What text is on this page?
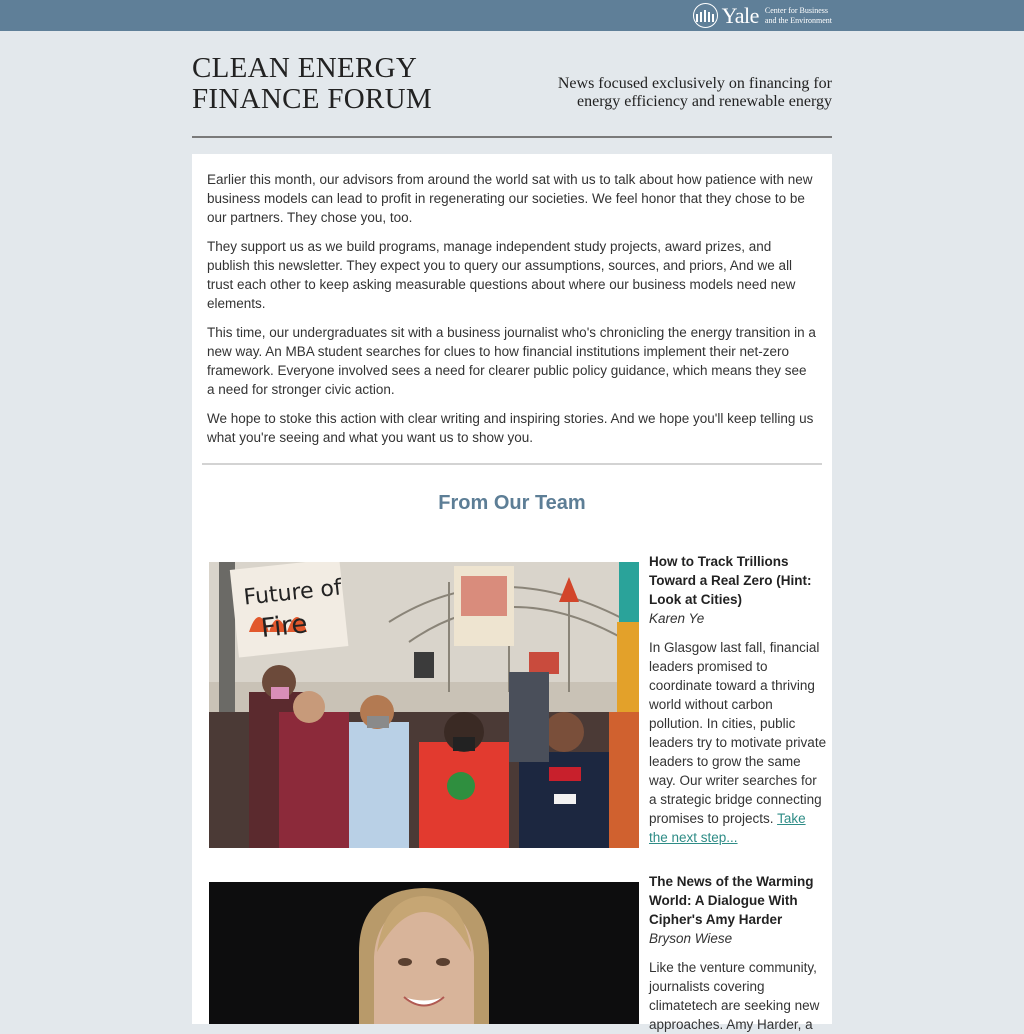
Yale Center for Business
and the Environment
CLEAN ENERGY
FINANCE FORUM	News focused exclusively on financing for
energy efficiency and renewable energy

Earlier this month, our advisors from around the world sat with us to talk about how patience with new business models can lead to profit in regenerating our societies. We feel honor that they chose to be our partners. They chose you, too.

They support us as we build programs, manage independent study projects, award prizes, and publish this newsletter. They expect you to query our assumptions, sources, and priors, And we all trust each other to keep asking measurable questions about where our business models need new elements.

This time, our undergraduates sit with a business journalist who's chronicling the energy transition in a new way. An MBA student searches for clues to how financial institutions implement their net-zero framework. Everyone involved sees a need for clearer public policy guidance, which means they see a need for stronger civic action.

We hope to stoke this action with clear writing and inspiring stories. And we hope you'll keep telling us what you're seeing and what you want us to show you.

From Our Team
Future of
Fire
How to Track Trillions Toward a Real Zero (Hint: Look at Cities)
Karen Ye
In Glasgow last fall, financial leaders promised to coordinate toward a thriving world without carbon pollution. In cities, public leaders try to motivate private leaders to grow the same way. Our writer searches for a strategic bridge connecting promises to projects. Take the next step...
The News of the Warming World: A Dialogue With Cipher's Amy Harder
Bryson Wiese
Like the venture community, journalists covering climatetech are seeking new approaches. Amy Harder, a
